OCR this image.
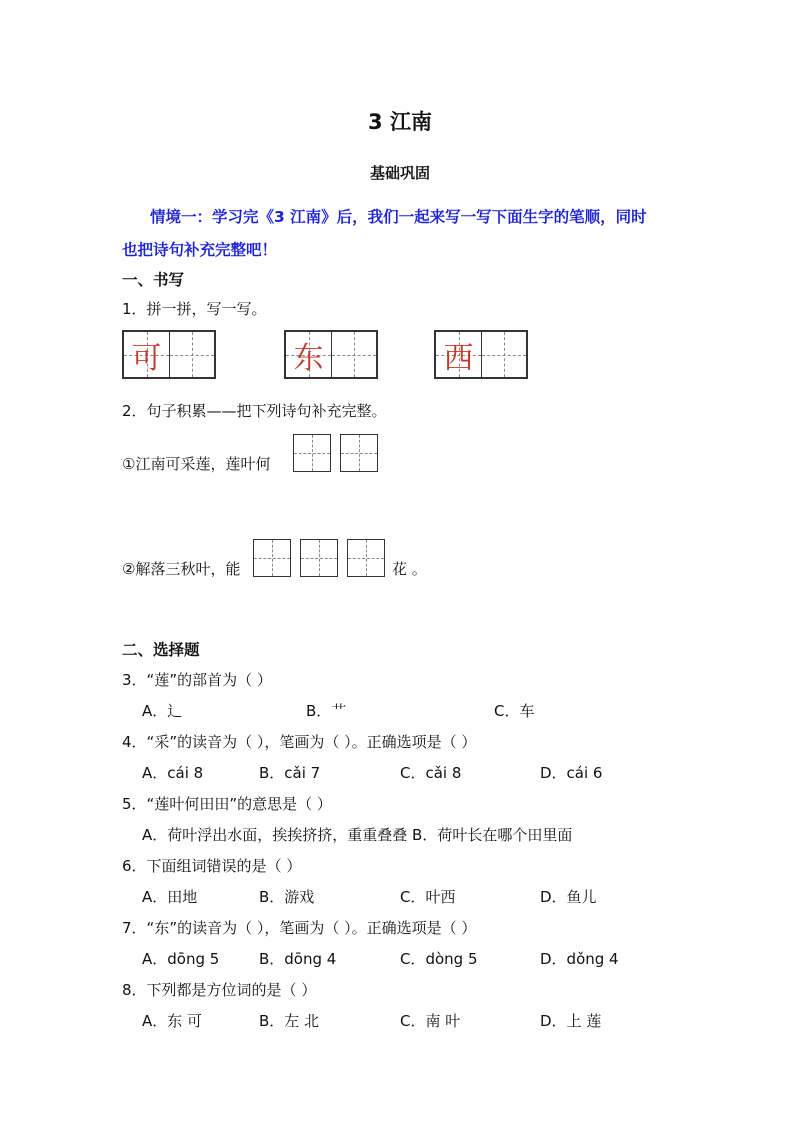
3 江南
基础巩固
情境一：学习完《3 江南》后，我们一起来写一写下面生字的笔顺，同时
也把诗句补充完整吧！
一、书写
1．拼一拼，写一写。
可	东	西
2．句子积累——把下列诗句补充完整。
①江南可采莲，莲叶何
②解落三秋叶，能	花 。
二、选择题
3．“莲”的部首为（ ）
A．辶	B．艹	C．车
4．“采”的读音为（ ），笔画为（ ）。正确选项是（ ）
A．cái 8	B．cǎi 7	C．cǎi 8	D．cái 6
5．“莲叶何田田”的意思是（ ）
A．荷叶浮出水面，挨挨挤挤，重重叠叠 B．荷叶长在哪个田里面
6．下面组词错误的是（ ）
A．田地	B．游戏	C．叶西	D．鱼儿
7．“东”的读音为（ ），笔画为（ ）。正确选项是（ ）
A．dōng 5	B．dōng 4	C．dòng 5	D．dǒng 4
8．下列都是方位词的是（ ）
A．东 可	B．左 北	C．南 叶	D．上 莲
